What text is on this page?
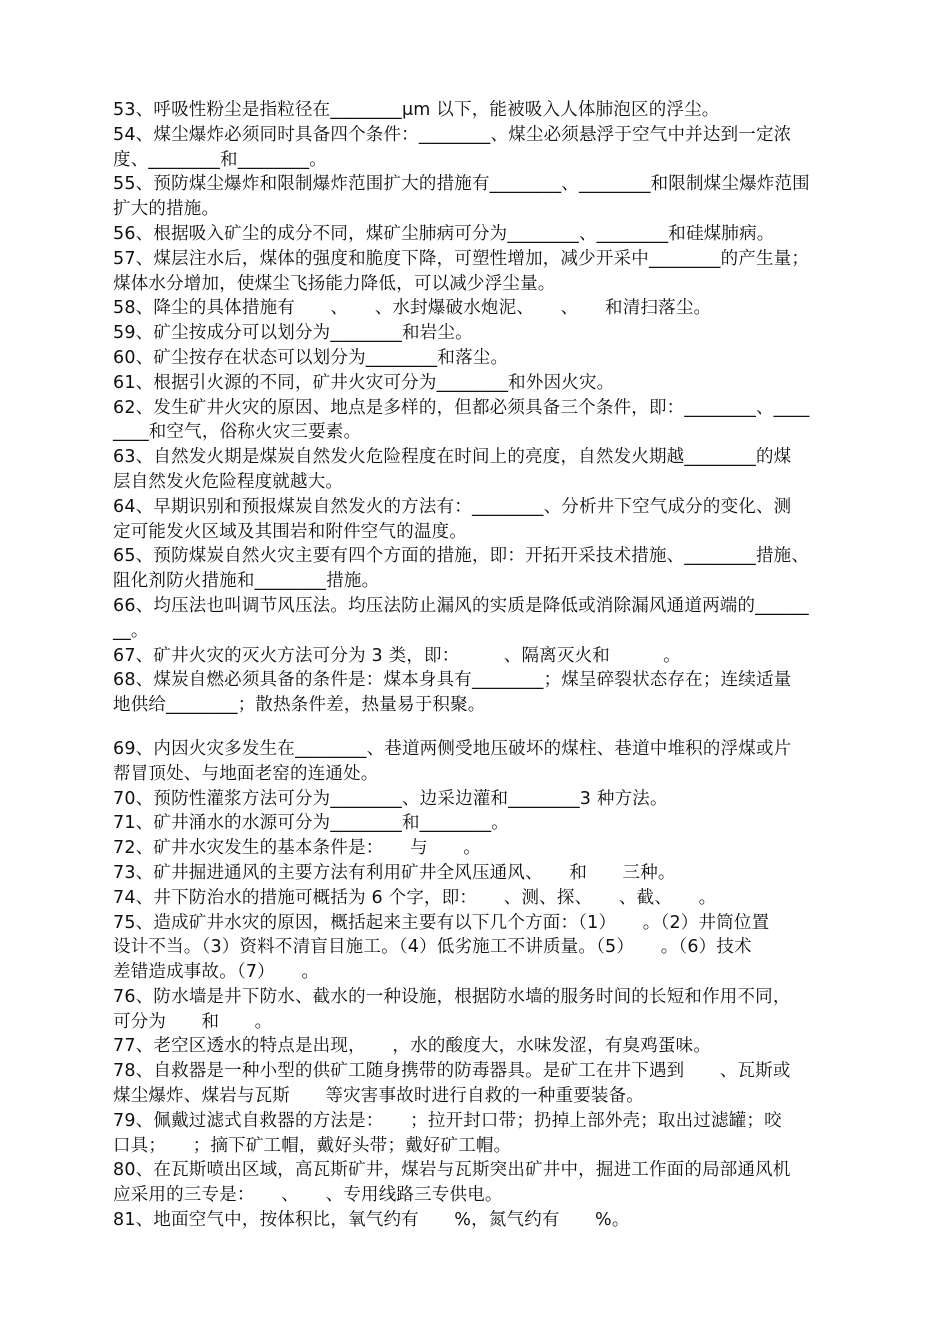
53、呼吸性粉尘是指粒径在________μm 以下，能被吸入人体肺泡区的浮尘。
54、煤尘爆炸必须同时具备四个条件：________、煤尘必须悬浮于空气中并达到一定浓
度、________和________。
55、预防煤尘爆炸和限制爆炸范围扩大的措施有________、________和限制煤尘爆炸范围
扩大的措施。
56、根据吸入矿尘的成分不同，煤矿尘肺病可分为________、________和硅煤肺病。
57、煤层注水后，煤体的强度和脆度下降，可塑性增加，减少开采中________的产生量；
煤体水分增加，使煤尘飞扬能力降低，可以减少浮尘量。
58、降尘的具体措施有　　、　　、水封爆破水炮泥、　　、　　和清扫落尘。
59、矿尘按成分可以划分为________和岩尘。
60、矿尘按存在状态可以划分为________和落尘。
61、根据引火源的不同，矿井火灾可分为________和外因火灾。
62、发生矿井火灾的原因、地点是多样的，但都必须具备三个条件，即：________、____
____和空气，俗称火灾三要素。
63、自然发火期是煤炭自然发火危险程度在时间上的亮度，自然发火期越________的煤
层自然发火危险程度就越大。
64、早期识别和预报煤炭自然发火的方法有：________、分析井下空气成分的变化、测
定可能发火区域及其围岩和附件空气的温度。
65、预防煤炭自然火灾主要有四个方面的措施，即：开拓开采技术措施、________措施、
阻化剂防火措施和________措施。
66、均压法也叫调节风压法。均压法防止漏风的实质是降低或消除漏风通道两端的______
__。
67、矿井火灾的灭火方法可分为 3 类，即：　　　、隔离灭火和　　　。
68、煤炭自燃必须具备的条件是：煤本身具有________；煤呈碎裂状态存在；连续适量
地供给________；散热条件差，热量易于积聚。
69、内因火灾多发生在________、巷道两侧受地压破坏的煤柱、巷道中堆积的浮煤或片
帮冒顶处、与地面老窑的连通处。
70、预防性灌浆方法可分为________、边采边灌和________3 种方法。
71、矿井涌水的水源可分为________和________。
72、矿井水灾发生的基本条件是：　　与　　。
73、矿井掘进通风的主要方法有利用矿井全风压通风、　　和　　三种。
74、井下防治水的措施可概括为 6 个字，即：　　、测、探、　　、截、　　。
75、造成矿井水灾的原因，概括起来主要有以下几个方面：（1）　　。（2）井筒位置
设计不当。（3）资料不清盲目施工。（4）低劣施工不讲质量。（5）　　。（6）技术
差错造成事故。（7）　　。
76、防水墙是井下防水、截水的一种设施，根据防水墙的服务时间的长短和作用不同，
可分为　　和　　。
77、老空区透水的特点是出现，　　，水的酸度大，水味发涩，有臭鸡蛋味。
78、自救器是一种小型的供矿工随身携带的防毒器具。是矿工在井下遇到　　、瓦斯或
煤尘爆炸、煤岩与瓦斯　　等灾害事故时进行自救的一种重要装备。
79、佩戴过滤式自救器的方法是：　　；拉开封口带；扔掉上部外壳；取出过滤罐；咬
口具；　　；摘下矿工帽，戴好头带；戴好矿工帽。
80、在瓦斯喷出区域，高瓦斯矿井，煤岩与瓦斯突出矿井中，掘进工作面的局部通风机
应采用的三专是：　　、　　、专用线路三专供电。
81、地面空气中，按体积比，氧气约有　　%，氮气约有　　%。
